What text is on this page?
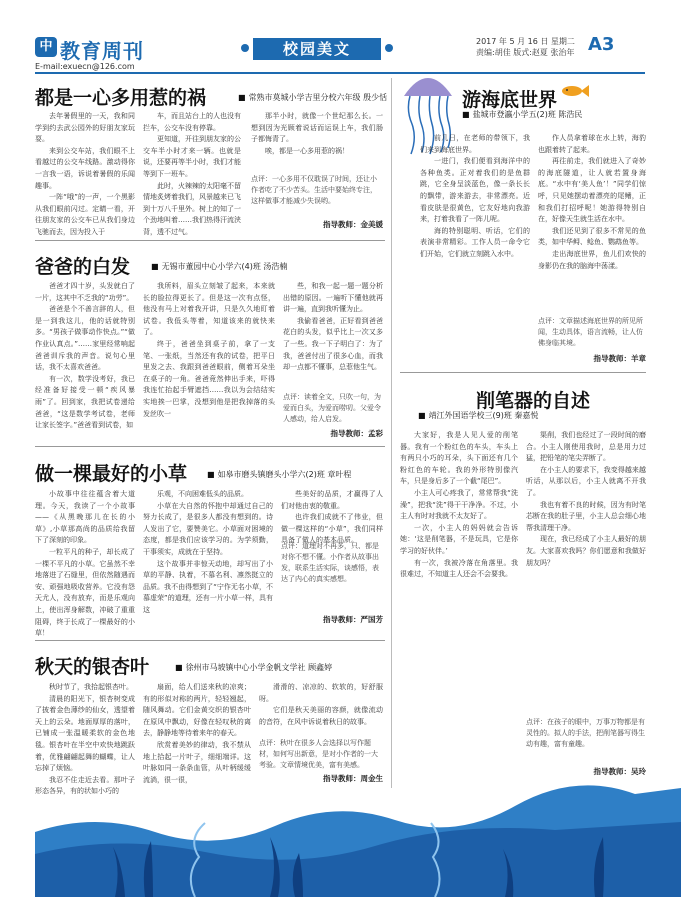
中 教育周刊
E-mail:exuecn@126.com
校园美文	2017 年 5 月 16 日 星期二
责编:胡佳 版式:赵夏 张治年 A3
都是一心多用惹的祸	■ 常熟市莫城小学吉里分校六年级 殷少恬

去年暑假里的一天，我和同学到约去武公园外的好朋友家玩耍。

来到公交车站，我们眼不上看越过的公交车线路。激动得你一言我一语，诉说着暑假的乐闻趣事。

一阵“哦”的一声，一个黑影从我们眼前闪过。定睛一看，开往朋友家的公交车已从我们身边飞驰而去，因为投入于

车，而且站台上的人也没有拦车，公交车没有停靠。

更知道，开往到朋友家的公交车半小时才来一辆。也就是说，还要再等半小时，我们才能等到下一班车。

此时，火辣辣的太阳毫不留情地炙烤着我们，风景越来已飞到十万八千里外。树上的知了一个劲地叫着……我们热得汗流浃背，透不过气。

那半小时，就像一个世纪那么长。一想到因为光顾着说话而运误上车，我们肠子都悔青了。

唉，都是一心多用惹的祸！

点评：一心多用不仅耽误了时间，还让小作者吃了不少苦头。生活中要始终专注，这样做事才能减少失误哟。
指导教师：金美媛
爸爸的白发	■ 无锡市董园中心小学六(4)班 汤浩楠

爸爸才四十岁，头发就白了一片，这其中不乏我的“功劳”。

爸爸是个不善言辞的人，但是一到我这儿，他的话就特别多。“男孩子做事动作快点。”“做作业认真点。”……家里经常响起爸爸训斥我的声音。说句心里话，我不太喜欢爸爸。

有一次，数学没考好，我已经准备好接受一顿“疾风暴雨”了。回到家，我把试卷递给爸爸，“这是数学考试卷，老师让家长签字。”爸爸看到试卷，如

我所料，眉头立刻皱了起来，本来就长的脸拉得更长了。但是这一次有点怪，他没有马上对着我开讲，只是久久地盯着试卷。我低头等着，知道该来的就快来了。

终于，爸爸坐到桌子前，拿了一支笔、一张纸，当然还有我的试卷，把平日里发之去、我跟到爸爸眼前，侧着耳朵坐在桌子的一角。爸爸竟然伸出手来，吓得我连忙抬起手臂遮挡……我以为会结结实实地挨一巴掌，没想到他是把我掉落的头发丝吹一

些，和我一起一题一题分析出错的原因。一遍听下懂他就再讲一遍，直到我听懂为止。

我偷看爸爸，正好看到爸爸花白的头发，似乎比上一次又多了一些。我一下子明白了：为了我，爸爸付出了很多心血，而我却一点都不懂事，总惹他生气。

点评：读着全文，只吹一句，为爱而白头，为爱而唠叨。父爱令人感动，给人启发。
指导教师：孟彩
做一棵最好的小草	■ 如皋市磨头镇磨头小学六(2)班 章叶程

小故事中往往蕴含着大道理。今天，我读了一个小故事——《从黑晚那儿在长的小草》,小草那高尚的品质给我留下了深刻的印象。

一粒平凡的种子，却长成了一棵不平凡的小草。它虽然不幸地落进了石缝里，但依然随遇而安、顽强地吸收营养。它没有怨天尤人，没有放弃，而是乐观向上，使出浑身解数，冲破了重重阻碍，终于长成了一棵最好的小草！

乐观，不向困难低头的品质。

小草在大自然的怀抱中却通过自己的努力长成了，是很多人都没有想到的。诗人发出了它，要赞美它。小草面对困境的态度，都是我们应该学习的。为学须勤，干事须实，成就在于坚持。

这个故事并非惊天动地，却写出了小草的平静、执着，不慕名利、凛然挺立的品质。我不由得想到了“宁作无名小草，不慕虚荣”的道理，还有一片小草一样，具有这

些美好的品质，才赢得了人们对他由衷的敬重。

也许我们成就不了伟业，但做一棵这样的“小草”，我们同样具备了做人的基本品质。

点评：道理对不再多，只、都是对你不想不懂。小作者从故事出发，联系生活实际，谈感悟，表达了内心的真实感想。
指导教师：严国芳
秋天的银杏叶	■ 徐州市马坡镇中心小学金帆文学社 顾鑫婷

秋时节了，我拾起银杏叶。

清晨的阳光下，银杏树变成了披着金色薄纱的仙女，透望着天上的云朵。地面厚厚的落叶，已铺成一张温暖柔软的金色地毯。银杏叶在半空中欢快地跳跃着，优雅翩翩起舞的蝴蝶，让人忘掉了烦恼。

我忍不住走近去看。那叶子形态各异，有的状如小巧的

扇面，给人们送来秋的凉爽；有的形似对称的两片，轻轻翘起，随风舞动。它们金黄交织的银杏叶在原风中飘动，好像在轻叹秋的离去，静静地等待着来年的春天。

欣赏着美妙的律动，我不禁从地上拾起一片叶子，细细端详。这叶脉如同一条条血管，从叶柄缓缓流淌，很一很，

滑滑的、凉凉的、软软的，好舒服呀。

它们是秋天美丽的容颜，就像流动的音符，在风中诉说着秋日的故事。

点评：秋叶在很多人会选择以写作题材，如何写出新意，是对小作者的一大考验。文章情境优美，富有美感。
指导教师：周金生
游海底世界
■ 盐城市登瀛小学五(2)班 陈浩民

前几日，在老师的带领下，我们来到海底世界。

一进门，我们便看到海洋中的各种鱼类。正对着我们的是鱼群跳，它全身呈淡蓝色，像一条长长的飘带，游来游去，非常漂亮。近看皮肤是很黄色，它友好地向我游来，打着我看了一阵儿呢。

海的特别聪明、听话，它们的表演非常精彩。工作人员一命令它们开始，它们就立刻跳入水中。

作人员拿着球在水上转，海豹也跟着转了起来。

再往前走，我们就进入了奇妙的海底隧道，让人就若置身海底。“水中有‘美人鱼’！”同学们惊呼，只见她摆动着漂亮的尾鳍，正和我们打招呼呢！她游得特别自在，好像天生就生活在水中。

我们还见到了很多不常见的鱼类，如中华鲟、鲶鱼、鹦鹉鱼等。

走出海底世界，鱼儿们欢快的身影仍在我的脑海中荡漾。

点评：文章描述海底世界的所见所闻，生动具体，语言流畅，让人仿佛身临其境。
指导教师：羊章
削笔器的自述
■ 靖江外国语学校三(9)班 秦嘉悦

大家好，我是人见人爱的削笔器。我有一个粉红色的车头，车头上有两只小巧的耳朵，头下面还有几个粉红色的车轮。我的外形特别像汽车，只是身后多了一个截“尾巴”。

小主人可心疼我了，常常帮我“洗澡”，把我“洗”得干干净净。不过，小主人有时对我就不太友好了。

一次，小主人的妈妈就会告诉她：‘这是削笔器，不是玩具，它是你学习的好伙伴。’

有一次，我被冷落在角落里。我很难过，不知道主人还会不会要我。

渠削，我们也经过了一段时间的磨合。小主人刚使用我时，总是用力过猛，把铅笔的笔尖弄断了。

在小主人的要求下，我变得越来越听话，从那以后，小主人就离不开我了。

我也有着不良的时候，因为有时笔芯断在我的肚子里，小主人总会细心地帮我清理干净。

现在，我已经成了小主人最好的朋友。大家喜欢我吗？你们愿意和我做好朋友吗？

点评：在孩子的眼中，万事万物都是有灵性的。拟人的手法，把削笔器写得生动有趣，富有童趣。
指导教师：吴玲
